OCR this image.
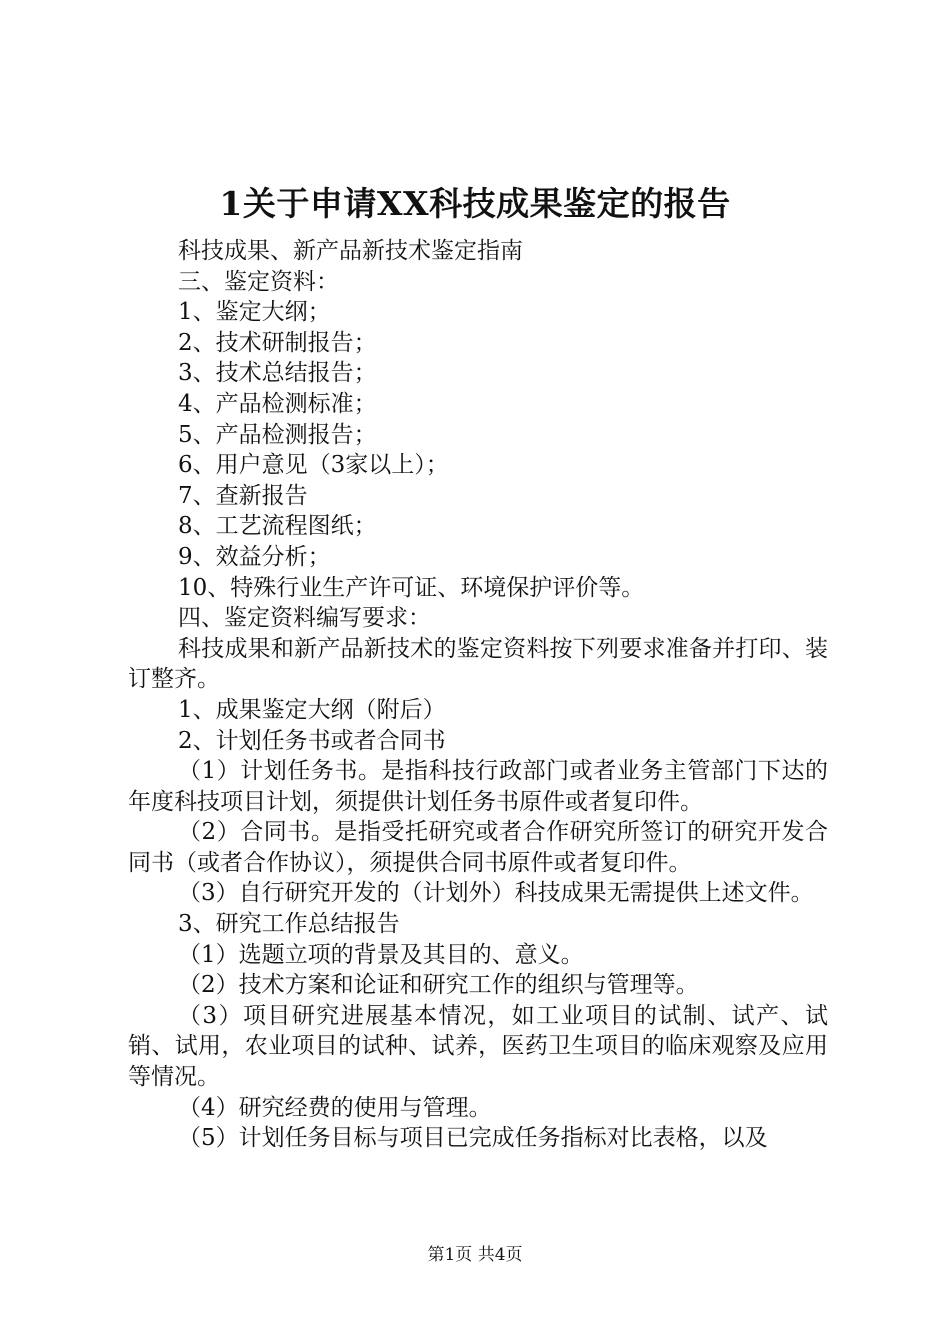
1关于申请XX科技成果鉴定的报告

科技成果、新产品新技术鉴定指南

三、鉴定资料：

1、鉴定大纲；

2、技术研制报告；

3、技术总结报告；

4、产品检测标准；

5、产品检测报告；

6、用户意见（3家以上）；

7、查新报告

8、工艺流程图纸；

9、效益分析；

10、特殊行业生产许可证、环境保护评价等。

四、鉴定资料编写要求：

科技成果和新产品新技术的鉴定资料按下列要求准备并打印、装订整齐。

1、成果鉴定大纲（附后）

2、计划任务书或者合同书

（1）计划任务书。是指科技行政部门或者业务主管部门下达的年度科技项目计划，须提供计划任务书原件或者复印件。

（2）合同书。是指受托研究或者合作研究所签订的研究开发合同书（或者合作协议），须提供合同书原件或者复印件。

（3）自行研究开发的（计划外）科技成果无需提供上述文件。

3、研究工作总结报告

（1）选题立项的背景及其目的、意义。

（2）技术方案和论证和研究工作的组织与管理等。

（3）项目研究进展基本情况，如工业项目的试制、试产、试销、试用，农业项目的试种、试养，医药卫生项目的临床观察及应用等情况。

（4）研究经费的使用与管理。

（5）计划任务目标与项目已完成任务指标对比表格，以及

第1页 共4页
